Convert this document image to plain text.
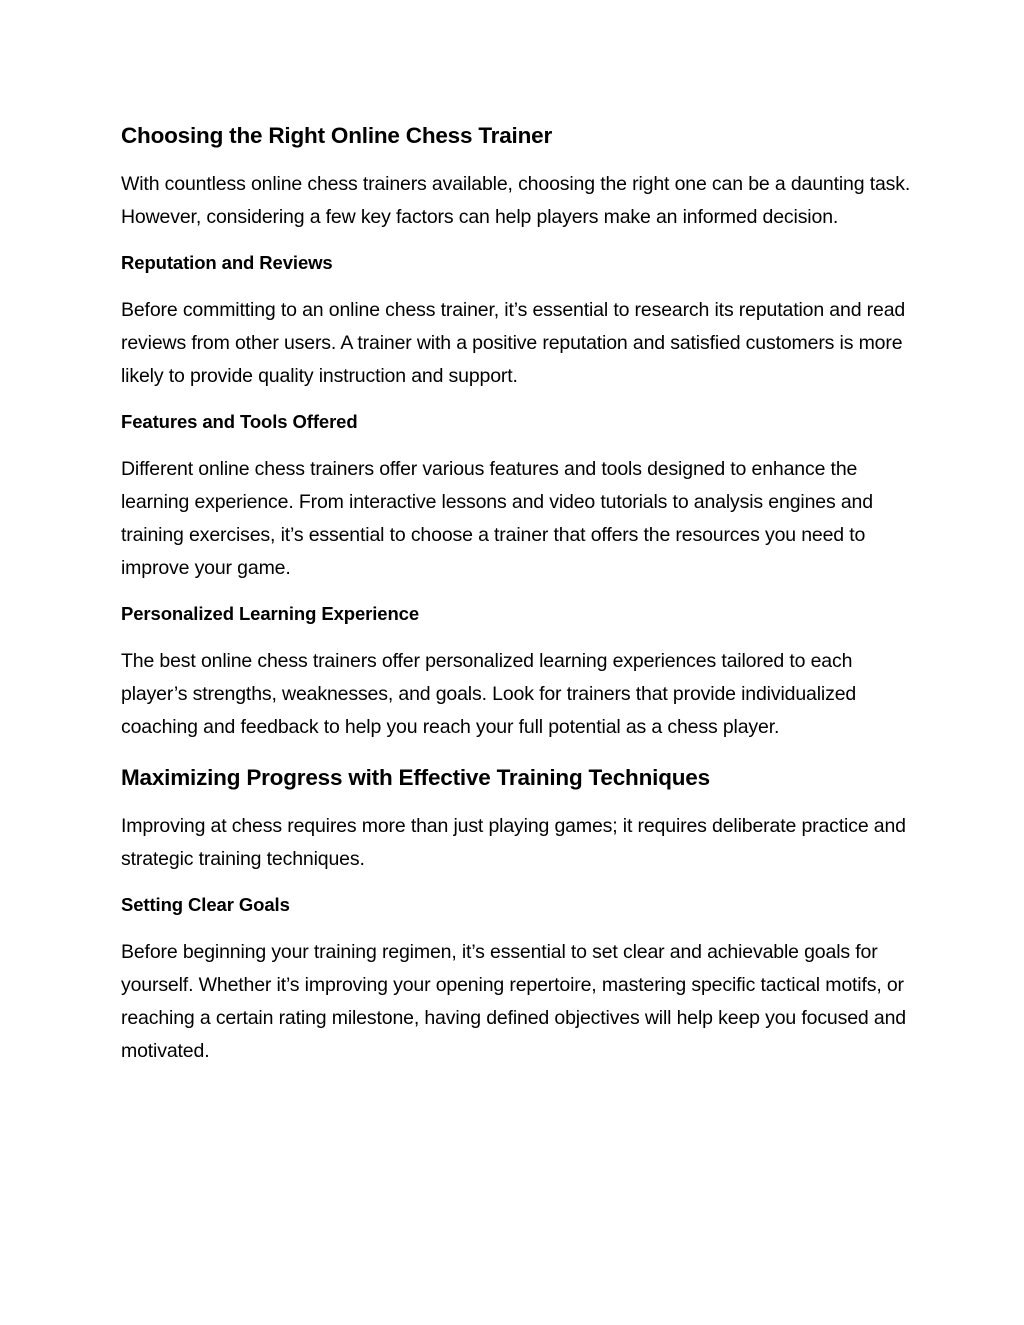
Choosing the Right Online Chess Trainer

With countless online chess trainers available, choosing the right one can be a daunting task. However, considering a few key factors can help players make an informed decision.

Reputation and Reviews

Before committing to an online chess trainer, it’s essential to research its reputation and read reviews from other users. A trainer with a positive reputation and satisfied customers is more likely to provide quality instruction and support.

Features and Tools Offered

Different online chess trainers offer various features and tools designed to enhance the learning experience. From interactive lessons and video tutorials to analysis engines and training exercises, it’s essential to choose a trainer that offers the resources you need to improve your game.

Personalized Learning Experience

The best online chess trainers offer personalized learning experiences tailored to each player’s strengths, weaknesses, and goals. Look for trainers that provide individualized coaching and feedback to help you reach your full potential as a chess player.

Maximizing Progress with Effective Training Techniques

Improving at chess requires more than just playing games; it requires deliberate practice and strategic training techniques.

Setting Clear Goals

Before beginning your training regimen, it’s essential to set clear and achievable goals for yourself. Whether it’s improving your opening repertoire, mastering specific tactical motifs, or reaching a certain rating milestone, having defined objectives will help keep you focused and motivated.
